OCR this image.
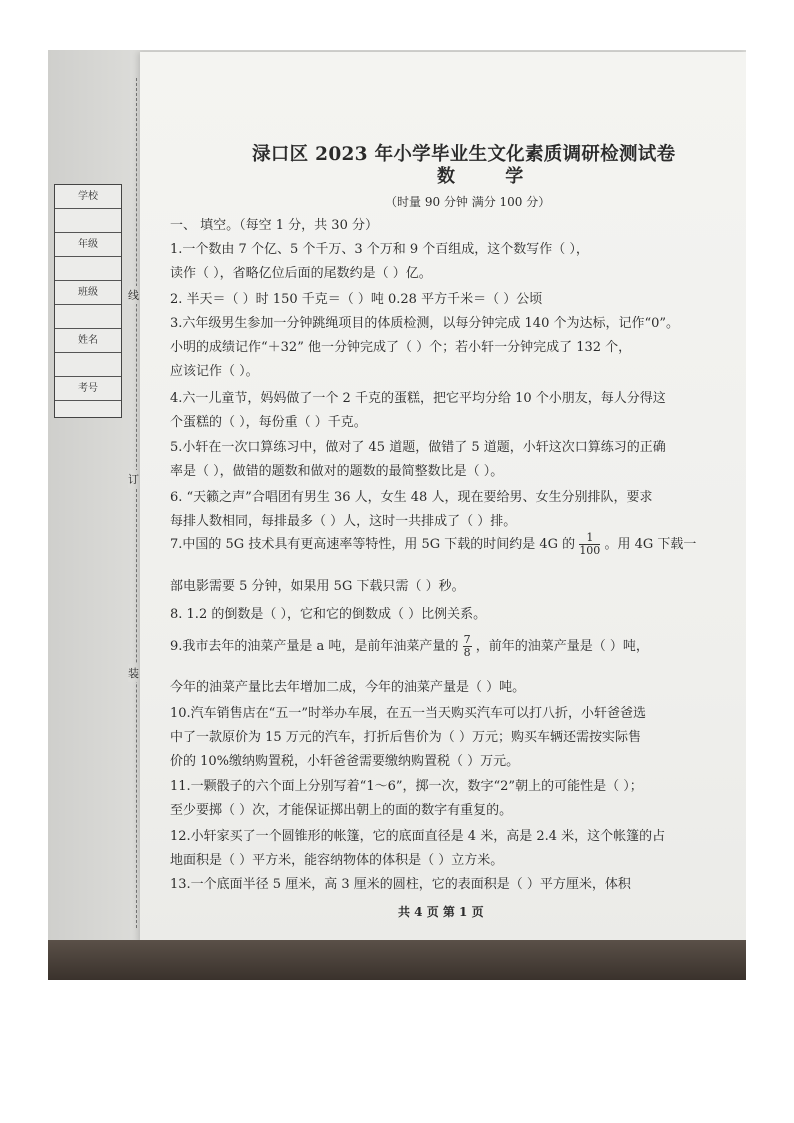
学校
年级
班级
姓名
考号
线
订
装
渌口区 2023 年小学毕业生文化素质调研检测试卷
数 学
（时量 90 分钟 满分 100 分）
一、 填空。（每空 1 分，共 30 分）
1.一个数由 7 个亿、5 个千万、3 个万和 9 个百组成，这个数写作（ ），
读作（ ），省略亿位后面的尾数约是（ ）亿。
2. 半天＝（ ）时 150 千克＝（ ）吨 0.28 平方千米＝（ ）公顷
3.六年级男生参加一分钟跳绳项目的体质检测，以每分钟完成 140 个为达标，记作“0”。
小明的成绩记作“＋32” 他一分钟完成了（ ）个；若小轩一分钟完成了 132 个，
应该记作（ ）。
4.六一儿童节，妈妈做了一个 2 千克的蛋糕，把它平均分给 10 个小朋友，每人分得这
个蛋糕的（ ），每份重（ ）千克。
5.小轩在一次口算练习中，做对了 45 道题，做错了 5 道题，小轩这次口算练习的正确
率是（ ），做错的题数和做对的题数的最简整数比是（ ）。
6. “天籁之声”合唱团有男生 36 人，女生 48 人，现在要给男、女生分别排队，要求
每排人数相同，每排最多（ ）人，这时一共排成了（ ）排。
7.中国的 5G 技术具有更高速率等特性，用 5G 下载的时间约是 4G 的 $\frac{1}{100}$ 。用 4G 下载一
部电影需要 5 分钟，如果用 5G 下载只需（ ）秒。
8. 1.2 的倒数是（ ），它和它的倒数成（ ）比例关系。
9.我市去年的油菜产量是 a 吨，是前年油菜产量的 $\frac{7}{8}$ ，前年的油菜产量是（ ）吨，
今年的油菜产量比去年增加二成，今年的油菜产量是（ ）吨。
10.汽车销售店在“五一”时举办车展，在五一当天购买汽车可以打八折，小轩爸爸选
中了一款原价为 15 万元的汽车，打折后售价为（ ）万元；购买车辆还需按实际售
价的 10%缴纳购置税，小轩爸爸需要缴纳购置税（ ）万元。
11.一颗骰子的六个面上分别写着“1～6”，掷一次，数字“2”朝上的可能性是（ ）；
至少要掷（ ）次，才能保证掷出朝上的面的数字有重复的。
12.小轩家买了一个圆锥形的帐篷，它的底面直径是 4 米，高是 2.4 米，这个帐篷的占
地面积是（ ）平方米，能容纳物体的体积是（ ）立方米。
13.一个底面半径 5 厘米，高 3 厘米的圆柱，它的表面积是（ ）平方厘米，体积
共 4 页 第 1 页
